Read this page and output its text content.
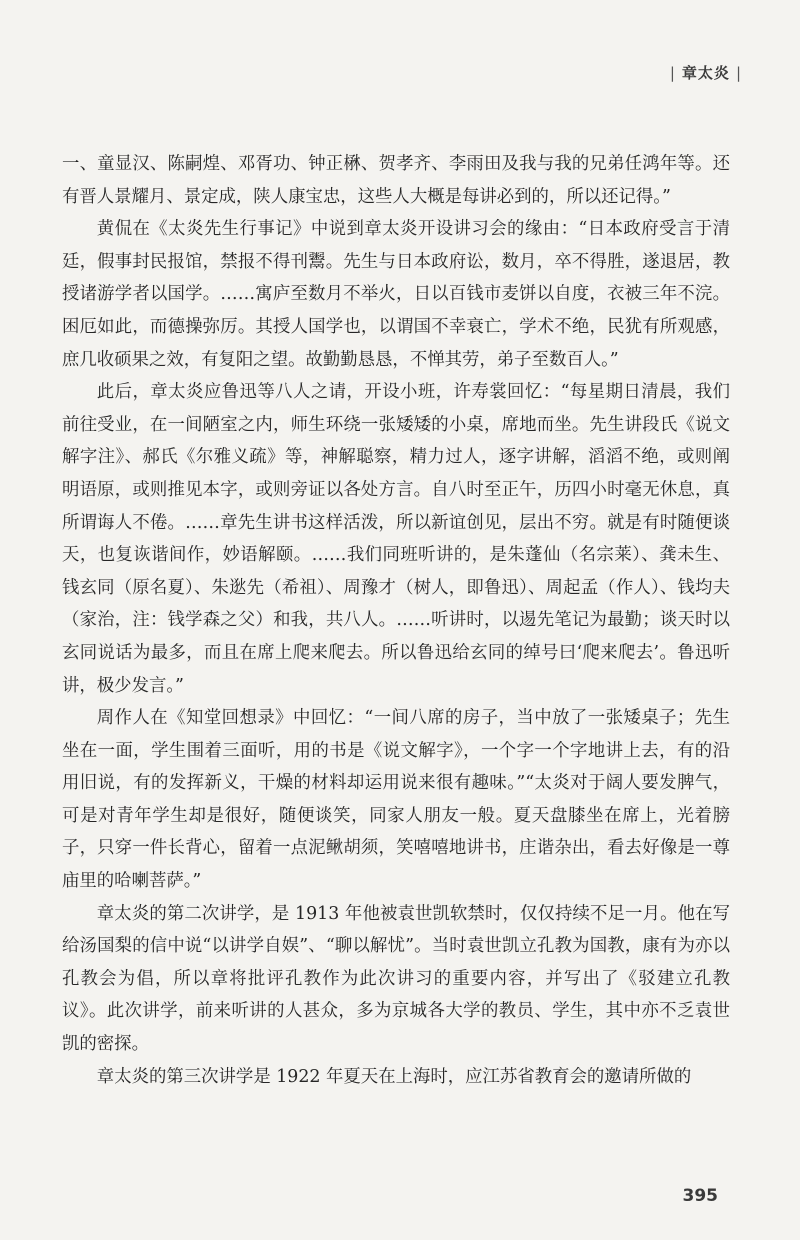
| 章太炎 |

一、童显汉、陈嗣煌、邓胥功、钟正楙、贺孝齐、李雨田及我与我的兄弟任鸿年等。还有晋人景耀月、景定成，陕人康宝忠，这些人大概是每讲必到的，所以还记得。”

黄侃在《太炎先生行事记》中说到章太炎开设讲习会的缘由：“日本政府受言于清廷，假事封民报馆，禁报不得刊鬻。先生与日本政府讼，数月，卒不得胜，遂退居，教授诸游学者以国学。……寓庐至数月不举火，日以百钱市麦饼以自度，衣被三年不浣。困厄如此，而德操弥厉。其授人国学也，以谓国不幸衰亡，学术不绝，民犹有所观感，庶几收硕果之效，有复阳之望。故勤勤恳恳，不惮其劳，弟子至数百人。”

此后，章太炎应鲁迅等八人之请，开设小班，许寿裳回忆：“每星期日清晨，我们前往受业，在一间陋室之内，师生环绕一张矮矮的小桌，席地而坐。先生讲段氏《说文解字注》、郝氏《尔雅义疏》等，神解聪察，精力过人，逐字讲解，滔滔不绝，或则阐明语原，或则推见本字，或则旁证以各处方言。自八时至正午，历四小时毫无休息，真所谓诲人不倦。……章先生讲书这样活泼，所以新谊创见，层出不穷。就是有时随便谈天，也复诙谐间作，妙语解颐。……我们同班听讲的，是朱蓬仙（名宗莱）、龚未生、钱玄同（原名夏）、朱逖先（希祖）、周豫才（树人，即鲁迅）、周起孟（作人）、钱均夫（家治，注：钱学森之父）和我，共八人。……听讲时，以逷先笔记为最勤；谈天时以玄同说话为最多，而且在席上爬来爬去。所以鲁迅给玄同的绰号曰‘爬来爬去’。鲁迅听讲，极少发言。”

周作人在《知堂回想录》中回忆：“一间八席的房子，当中放了一张矮桌子；先生坐在一面，学生围着三面听，用的书是《说文解字》，一个字一个字地讲上去，有的沿用旧说，有的发挥新义，干燥的材料却运用说来很有趣味。”“太炎对于阔人要发脾气，可是对青年学生却是很好，随便谈笑，同家人朋友一般。夏天盘膝坐在席上，光着膀子，只穿一件长背心，留着一点泥鳅胡须，笑嘻嘻地讲书，庄谐杂出，看去好像是一尊庙里的哈喇菩萨。”

章太炎的第二次讲学，是 1913 年他被袁世凯软禁时，仅仅持续不足一月。他在写给汤国梨的信中说“以讲学自娱”、“聊以解忧”。当时袁世凯立孔教为国教，康有为亦以孔教会为倡，所以章将批评孔教作为此次讲习的重要内容，并写出了《驳建立孔教议》。此次讲学，前来听讲的人甚众，多为京城各大学的教员、学生，其中亦不乏袁世凯的密探。

章太炎的第三次讲学是 1922 年夏天在上海时，应江苏省教育会的邀请所做的

395
